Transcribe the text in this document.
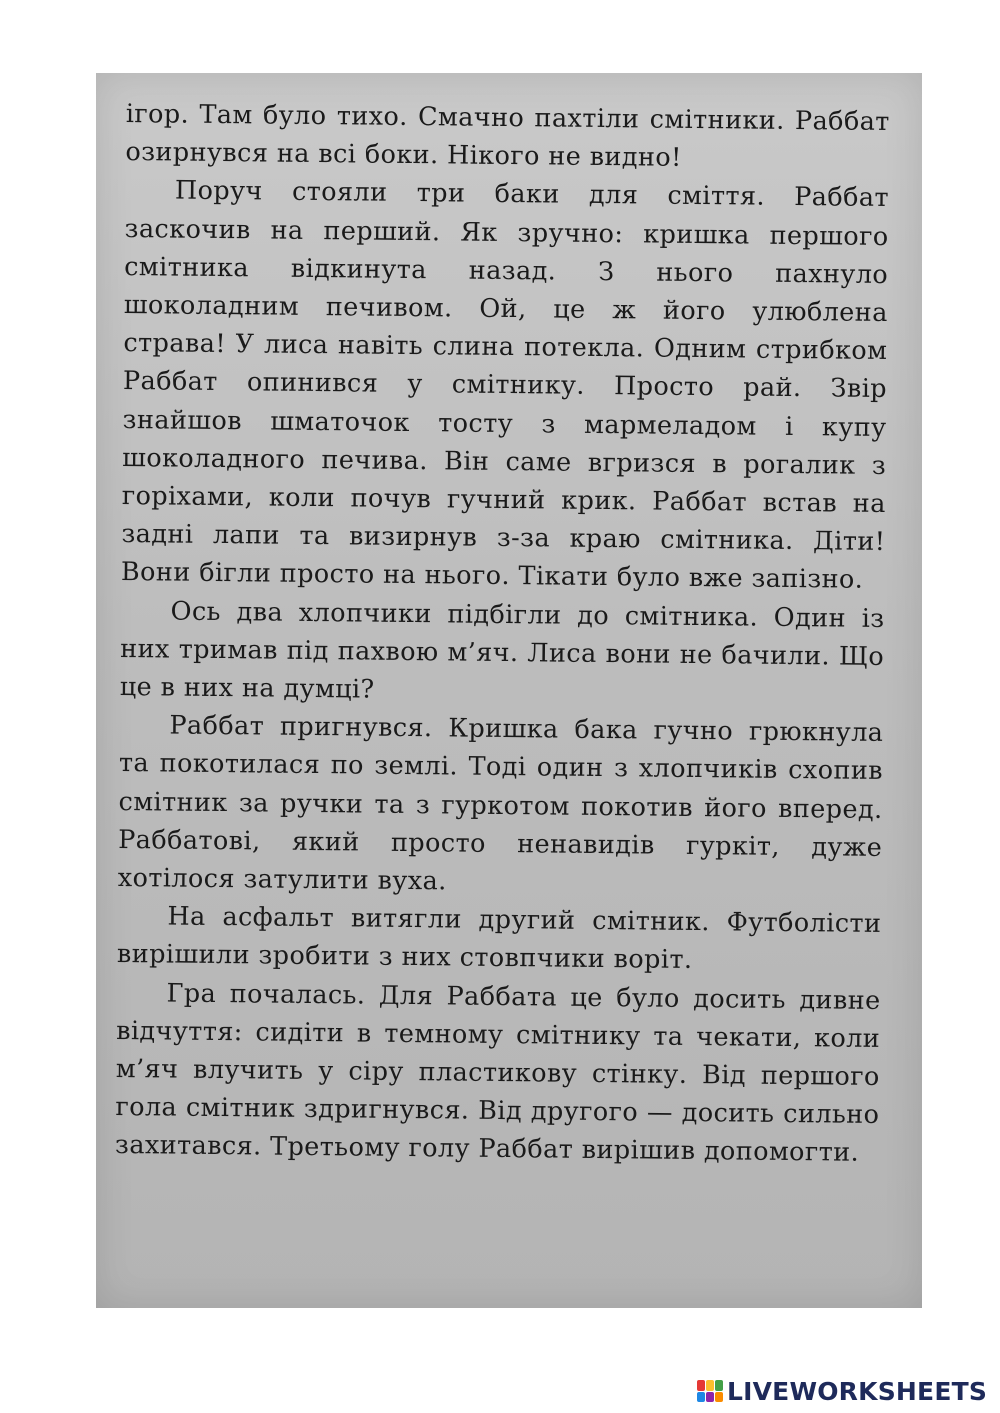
ігор. Там було тихо. Смачно пахтіли смітники. Раббат озирнувся на всі боки. Нікого не видно!

Поруч стояли три баки для сміття. Раббат заскочив на перший. Як зручно: кришка першого смітника відкинута назад. З нього пахнуло шоколадним печивом. Ой, це ж його улюблена страва! У лиса навіть слина потекла. Одним стрибком Раббат опинився у смітнику. Просто рай. Звір знайшов шматочок тосту з мармеладом і купу шоколадного печива. Він саме вгризся в рогалик з горіхами, коли почув гучний крик. Раббат встав на задні лапи та визирнув з-за краю смітника. Діти! Вони бігли просто на нього. Тікати було вже запізно.

Ось два хлопчики підбігли до смітника. Один із них тримав під пахвою м’яч. Лиса вони не бачили. Що це в них на думці?

Раббат пригнувся. Кришка бака гучно грюкнула та покотилася по землі. Тоді один з хлопчиків схопив смітник за ручки та з гуркотом покотив його вперед. Раббатові, який просто ненавидів гуркіт, дуже хотілося затулити вуха.

На асфальт витягли другий смітник. Футболісти вирішили зробити з них стовпчики воріт.

Гра почалась. Для Раббата це було досить дивне відчуття: сидіти в темному смітнику та чекати, коли м’яч влучить у сіру пластикову стінку. Від першого гола смітник здригнувся. Від другого — досить сильно захитався. Третьому голу Раббат вирішив допомогти.

LIVEWORKSHEETS
